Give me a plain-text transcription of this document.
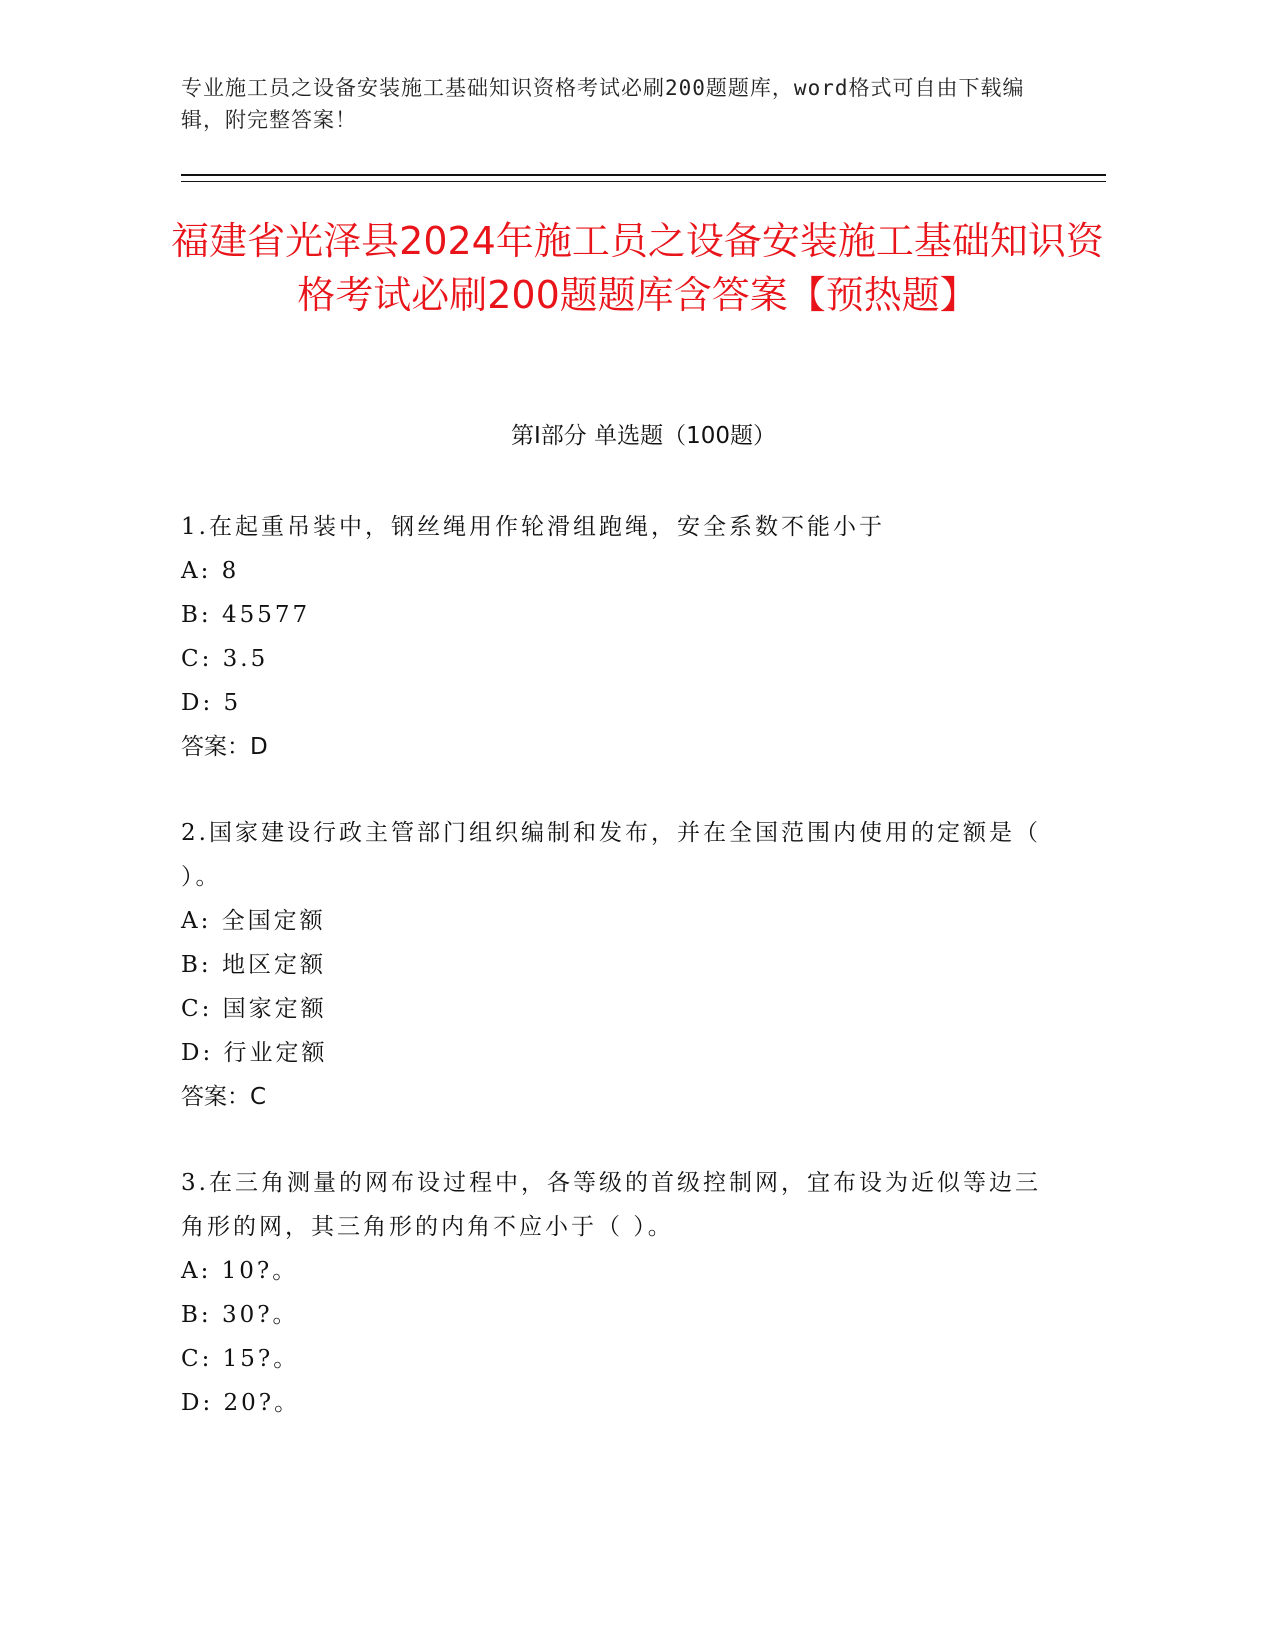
专业施工员之设备安装施工基础知识资格考试必刷200题题库，word格式可自由下载编辑，附完整答案！
福建省光泽县2024年施工员之设备安装施工基础知识资格考试必刷200题题库含答案【预热题】
第I部分 单选题（100题）
1.在起重吊装中，钢丝绳用作轮滑组跑绳，安全系数不能小于
A: 8
B: 45577
C: 3.5
D: 5
答案：D
2.国家建设行政主管部门组织编制和发布，并在全国范围内使用的定额是（ ）。
A: 全国定额
B: 地区定额
C: 国家定额
D: 行业定额
答案：C
3.在三角测量的网布设过程中，各等级的首级控制网，宜布设为近似等边三角形的网，其三角形的内角不应小于（ ）。
A: 10?。
B: 30?。
C: 15?。
D: 20?。
